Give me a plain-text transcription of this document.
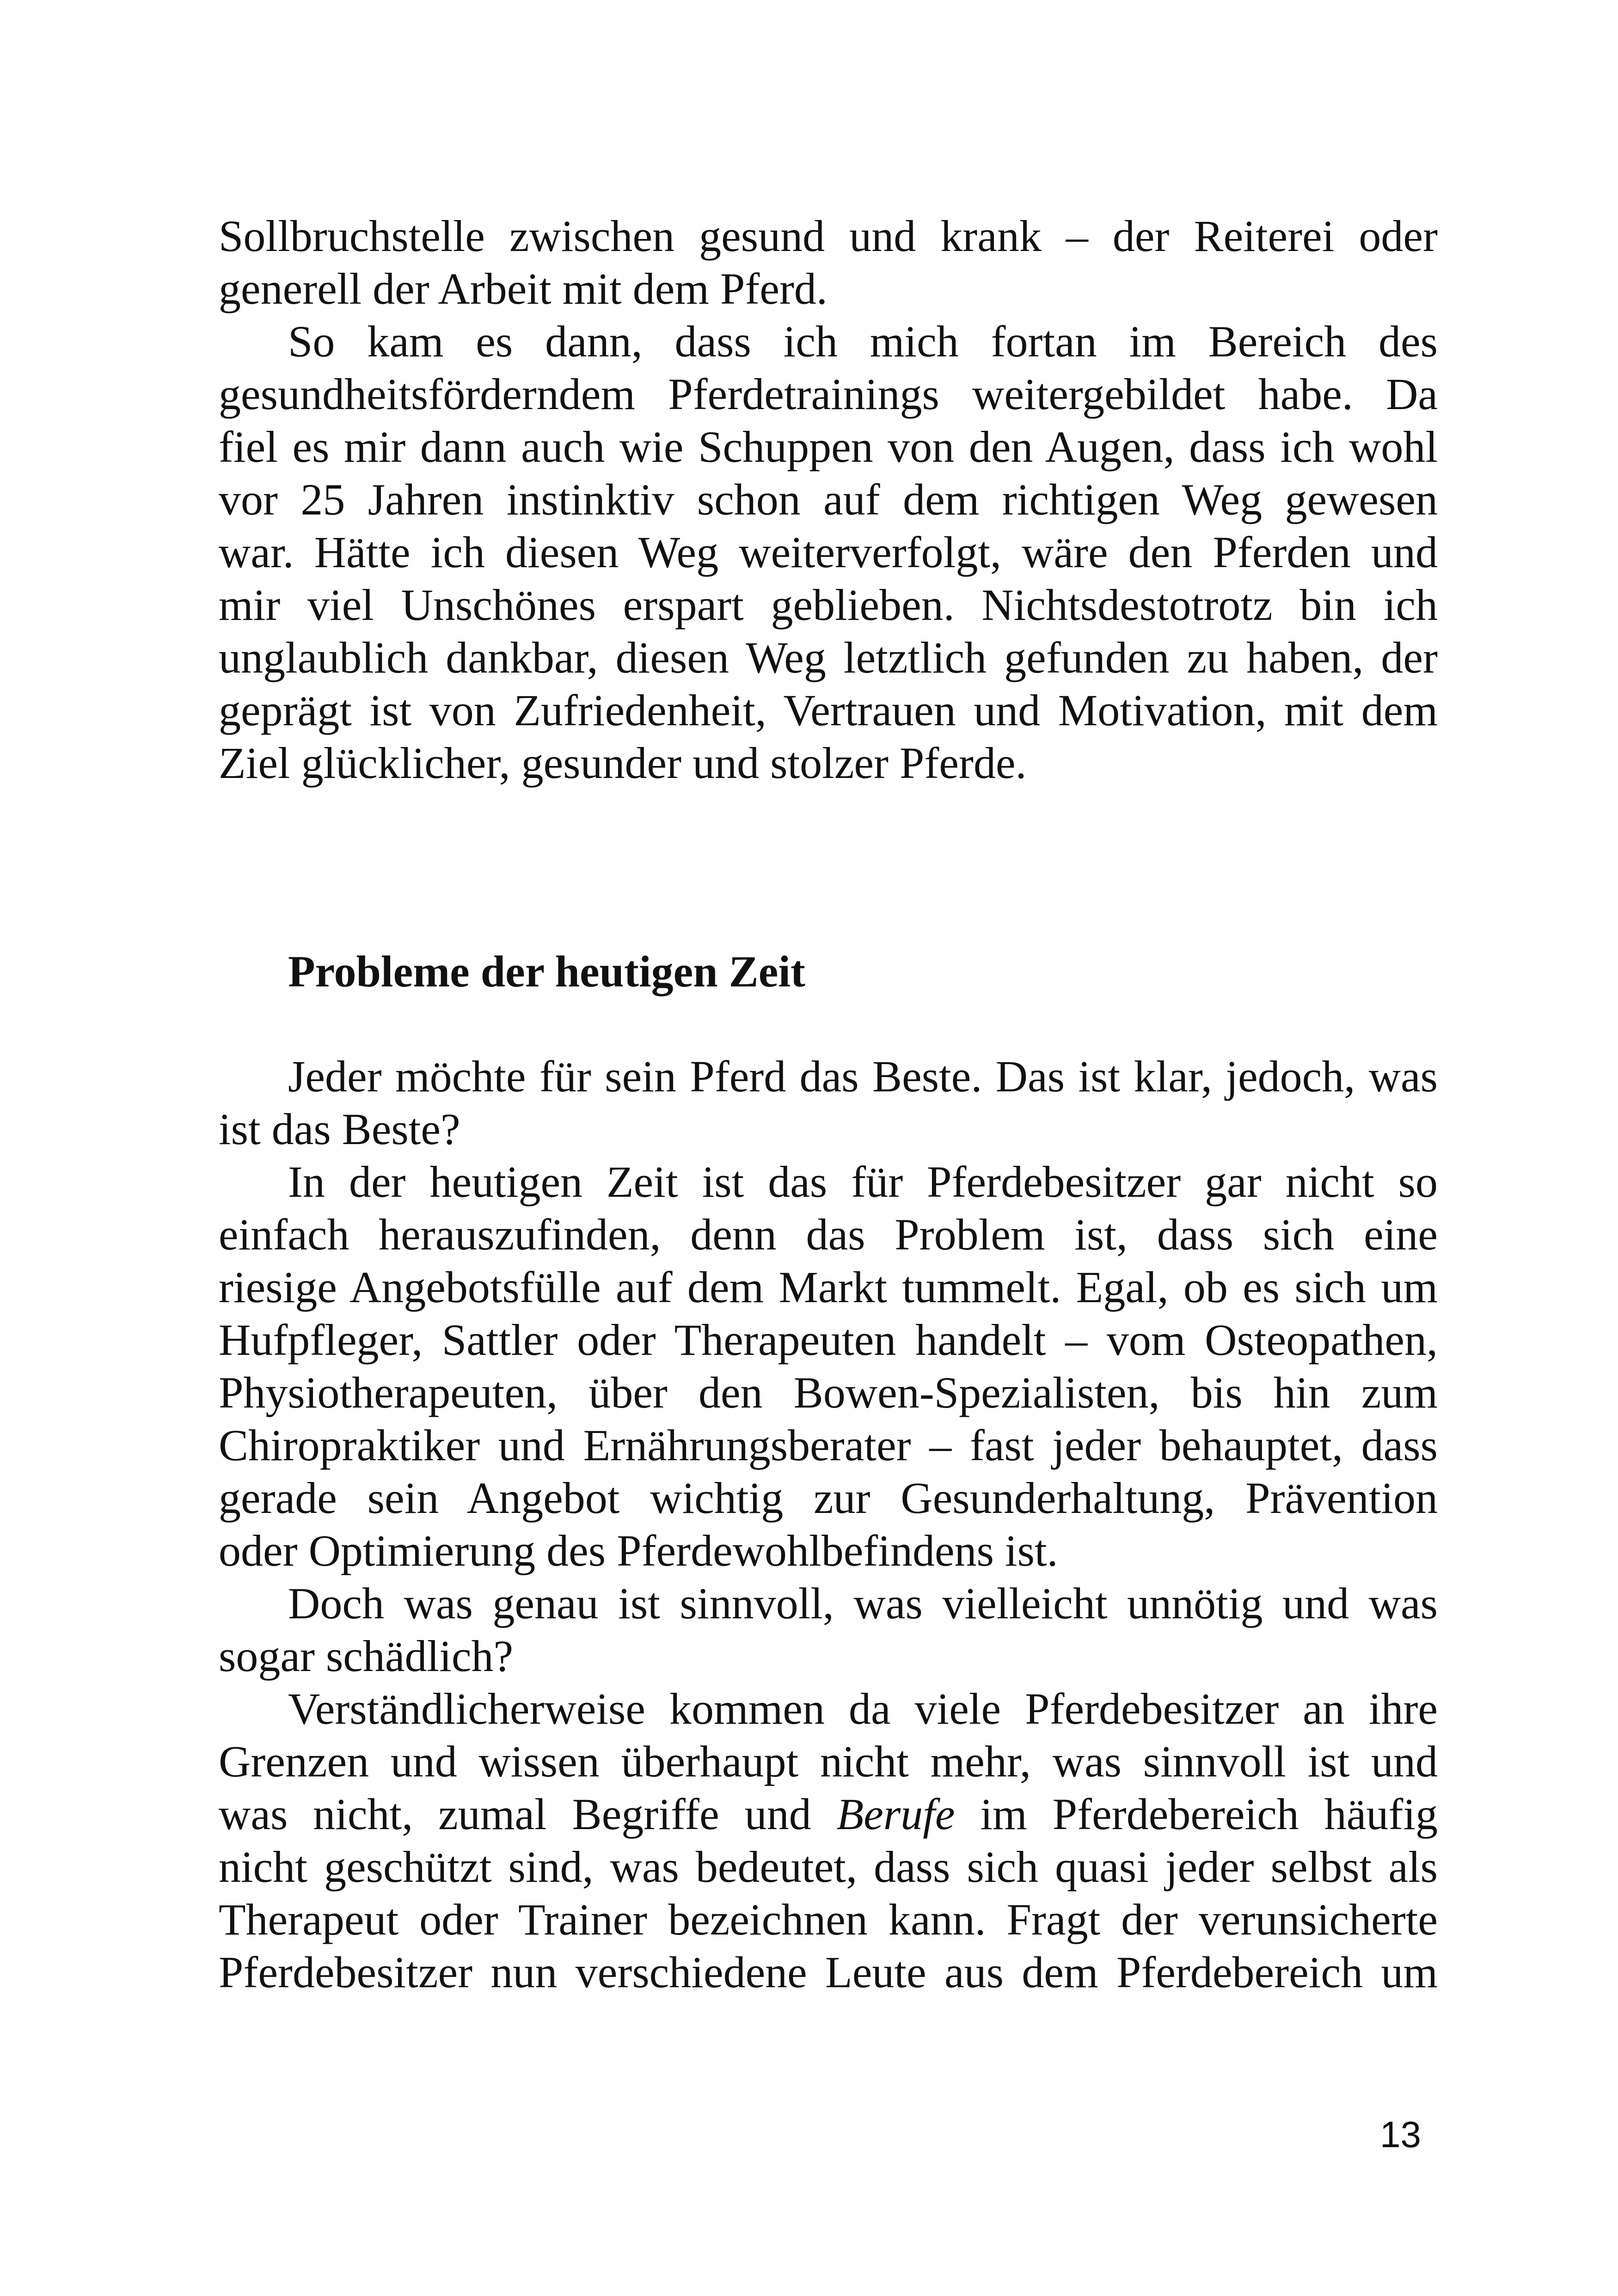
Sollbruchstelle zwischen gesund und krank – der Reiterei oder
generell der Arbeit mit dem Pferd.
So kam es dann, dass ich mich fortan im Bereich des
gesundheitsförderndem Pferdetrainings weitergebildet habe. Da
fiel es mir dann auch wie Schuppen von den Augen, dass ich wohl
vor 25 Jahren instinktiv schon auf dem richtigen Weg gewesen
war. Hätte ich diesen Weg weiterverfolgt, wäre den Pferden und
mir viel Unschönes erspart geblieben. Nichtsdestotrotz bin ich
unglaublich dankbar, diesen Weg letztlich gefunden zu haben, der
geprägt ist von Zufriedenheit, Vertrauen und Motivation, mit dem
Ziel glücklicher, gesunder und stolzer Pferde.
Probleme der heutigen Zeit
Jeder möchte für sein Pferd das Beste. Das ist klar, jedoch, was
ist das Beste?
In der heutigen Zeit ist das für Pferdebesitzer gar nicht so
einfach herauszufinden, denn das Problem ist, dass sich eine
riesige Angebotsfülle auf dem Markt tummelt. Egal, ob es sich um
Hufpfleger, Sattler oder Therapeuten handelt – vom Osteopathen,
Physiotherapeuten, über den Bowen-Spezialisten, bis hin zum
Chiropraktiker und Ernährungsberater – fast jeder behauptet, dass
gerade sein Angebot wichtig zur Gesunderhaltung, Prävention
oder Optimierung des Pferdewohlbefindens ist.
Doch was genau ist sinnvoll, was vielleicht unnötig und was
sogar schädlich?
Verständlicherweise kommen da viele Pferdebesitzer an ihre
Grenzen und wissen überhaupt nicht mehr, was sinnvoll ist und
was nicht, zumal Begriffe und Berufe im Pferdebereich häufig
nicht geschützt sind, was bedeutet, dass sich quasi jeder selbst als
Therapeut oder Trainer bezeichnen kann. Fragt der verunsicherte
Pferdebesitzer nun verschiedene Leute aus dem Pferdebereich um
13
